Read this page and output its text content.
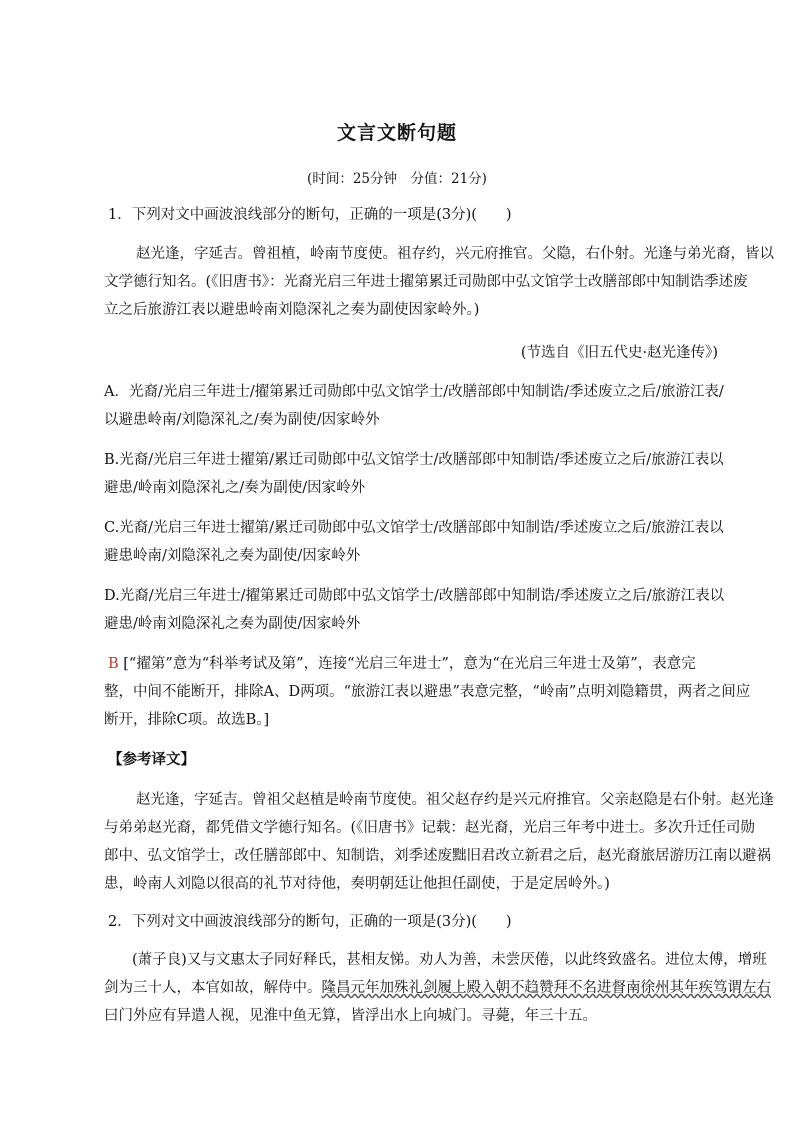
文言文断句题
(时间：25分钟　分值：21分)
1．下列对文中画波浪线部分的断句，正确的一项是(3分)(　　)
赵光逢，字延吉。曾祖植，岭南节度使。祖存约，兴元府推官。父隐，右仆射。光逢与弟光裔，皆以
文学德行知名。(《旧唐书》：光裔光启三年进士擢第累迁司勋郎中弘文馆学士改膳部郎中知制诰季述废
立之后旅游江表以避患岭南刘隐深礼之奏为副使因家岭外。)
(节选自《旧五代史·赵光逢传》)
A．光裔/光启三年进士/擢第累迁司勋郎中弘文馆学士/改膳部郎中知制诰/季述废立之后/旅游江表/
以避患岭南/刘隐深礼之/奏为副使/因家岭外
B.光裔/光启三年进士擢第/累迁司勋郎中弘文馆学士/改膳部郎中知制诰/季述废立之后/旅游江表以
避患/岭南刘隐深礼之/奏为副使/因家岭外
C.光裔/光启三年进士擢第/累迁司勋郎中弘文馆学士/改膳部郎中知制诰/季述废立之后/旅游江表以
避患岭南/刘隐深礼之奏为副使/因家岭外
D.光裔/光启三年进士/擢第累迁司勋郎中弘文馆学士/改膳部郎中知制诰/季述废立之后/旅游江表以
避患/岭南刘隐深礼之奏为副使/因家岭外
B [“擢第”意为“科举考试及第”，连接“光启三年进士”，意为“在光启三年进士及第”，表意完
整，中间不能断开，排除A、D两项。“旅游江表以避患”表意完整，“岭南”点明刘隐籍贯，两者之间应
断开，排除C项。故选B。]
【参考译文】
赵光逢，字延吉。曾祖父赵植是岭南节度使。祖父赵存约是兴元府推官。父亲赵隐是右仆射。赵光逢
与弟弟赵光裔，都凭借文学德行知名。(《旧唐书》记载：赵光裔，光启三年考中进士。多次升迁任司勋
郎中、弘文馆学士，改任膳部郎中、知制诰，刘季述废黜旧君改立新君之后，赵光裔旅居游历江南以避祸
患，岭南人刘隐以很高的礼节对待他，奏明朝廷让他担任副使，于是定居岭外。)
2．下列对文中画波浪线部分的断句，正确的一项是(3分)(　　)
(萧子良)又与文惠太子同好释氏，甚相友悌。劝人为善，未尝厌倦，以此终致盛名。进位太傅，增班
剑为三十人，本官如故，解侍中。隆昌元年加殊礼剑履上殿入朝不趋赞拜不名进督南徐州其年疾笃谓左右
曰门外应有异遣人视，见淮中鱼无算，皆浮出水上向城门。寻薨，年三十五。
